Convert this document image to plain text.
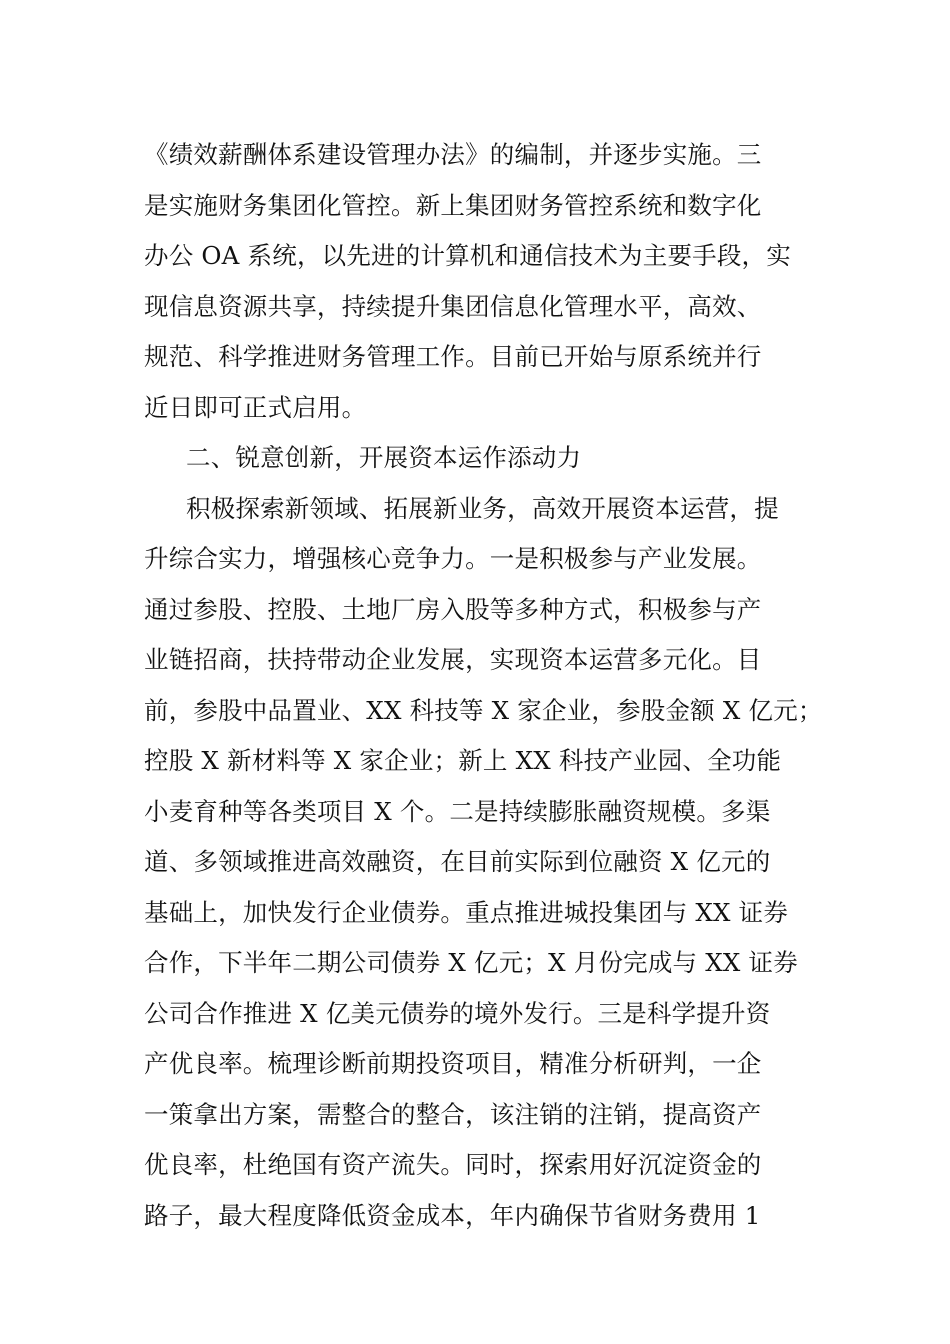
《绩效薪酬体系建设管理办法》的编制，并逐步实施。三
是实施财务集团化管控。新上集团财务管控系统和数字化
办公 OA 系统，以先进的计算机和通信技术为主要手段，实
现信息资源共享，持续提升集团信息化管理水平，高效、
规范、科学推进财务管理工作。目前已开始与原系统并行
近日即可正式启用。
二、锐意创新，开展资本运作添动力
积极探索新领域、拓展新业务，高效开展资本运营，提
升综合实力，增强核心竞争力。一是积极参与产业发展。
通过参股、控股、土地厂房入股等多种方式，积极参与产
业链招商，扶持带动企业发展，实现资本运营多元化。目
前，参股中品置业、XX 科技等 X 家企业，参股金额 X 亿元；
控股 X 新材料等 X 家企业；新上 XX 科技产业园、全功能
小麦育种等各类项目 X 个。二是持续膨胀融资规模。多渠
道、多领域推进高效融资，在目前实际到位融资 X 亿元的
基础上，加快发行企业债券。重点推进城投集团与 XX 证券
合作，下半年二期公司债券 X 亿元；X 月份完成与 XX 证券
公司合作推进 X 亿美元债券的境外发行。三是科学提升资
产优良率。梳理诊断前期投资项目，精准分析研判，一企
一策拿出方案，需整合的整合，该注销的注销，提高资产
优良率，杜绝国有资产流失。同时，探索用好沉淀资金的
路子，最大程度降低资金成本，年内确保节省财务费用 1
